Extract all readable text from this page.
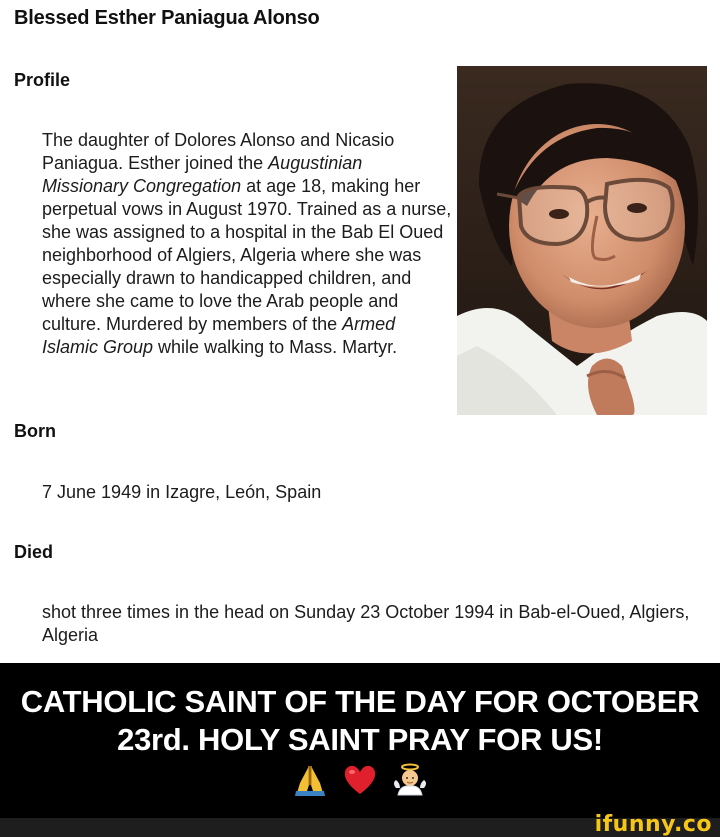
Blessed Esther Paniagua Alonso
Profile
The daughter of Dolores Alonso and Nicasio Paniagua. Esther joined the Augustinian Missionary Congregation at age 18, making her perpetual vows in August 1970. Trained as a nurse, she was assigned to a hospital in the Bab El Oued neighborhood of Algiers, Algeria where she was especially drawn to handicapped children, and where she came to love the Arab people and culture. Murdered by members of the Armed Islamic Group while walking to Mass. Martyr.
Born
7 June 1949 in Izagre, León, Spain
Died
shot three times in the head on Sunday 23 October 1994 in Bab-el-Oued, Algiers, Algeria
CATHOLIC SAINT OF THE DAY FOR OCTOBER 23rd. HOLY SAINT PRAY FOR US!
ifunny.co
